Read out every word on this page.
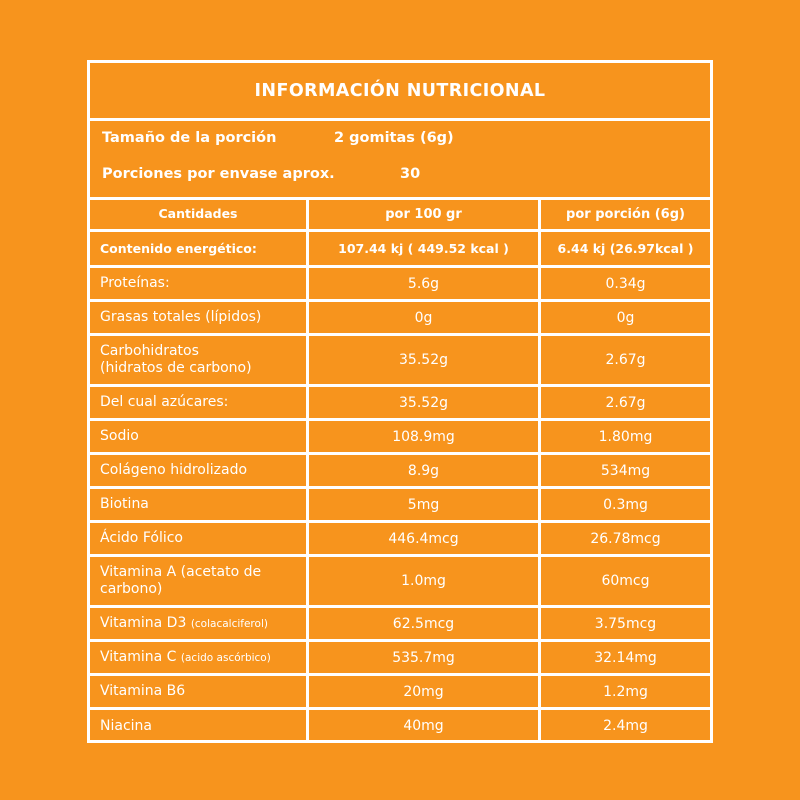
INFORMACIÓN NUTRICIONAL
Tamaño de la porción	2 gomitas (6g)
Porciones por envase aprox.	30
Cantidades	por 100 gr	por porción (6g)
Contenido energético:	107.44 kj ( 449.52 kcal )	6.44 kj (26.97kcal )
Proteínas:	5.6g	0.34g
Grasas totales (lípidos)	0g	0g
Carbohidratos
(hidratos de carbono)	35.52g	2.67g
Del cual azúcares:	35.52g	2.67g
Sodio	108.9mg	1.80mg
Colágeno hidrolizado	8.9g	534mg
Biotina	5mg	0.3mg
Ácido Fólico	446.4mcg	26.78mcg
Vitamina A (acetato de
carbono)	1.0mg	60mcg
Vitamina D3 (colacalciferol)	62.5mcg	3.75mcg
Vitamina C (acido ascórbico)	535.7mg	32.14mg
Vitamina B6	20mg	1.2mg
Niacina	40mg	2.4mg
